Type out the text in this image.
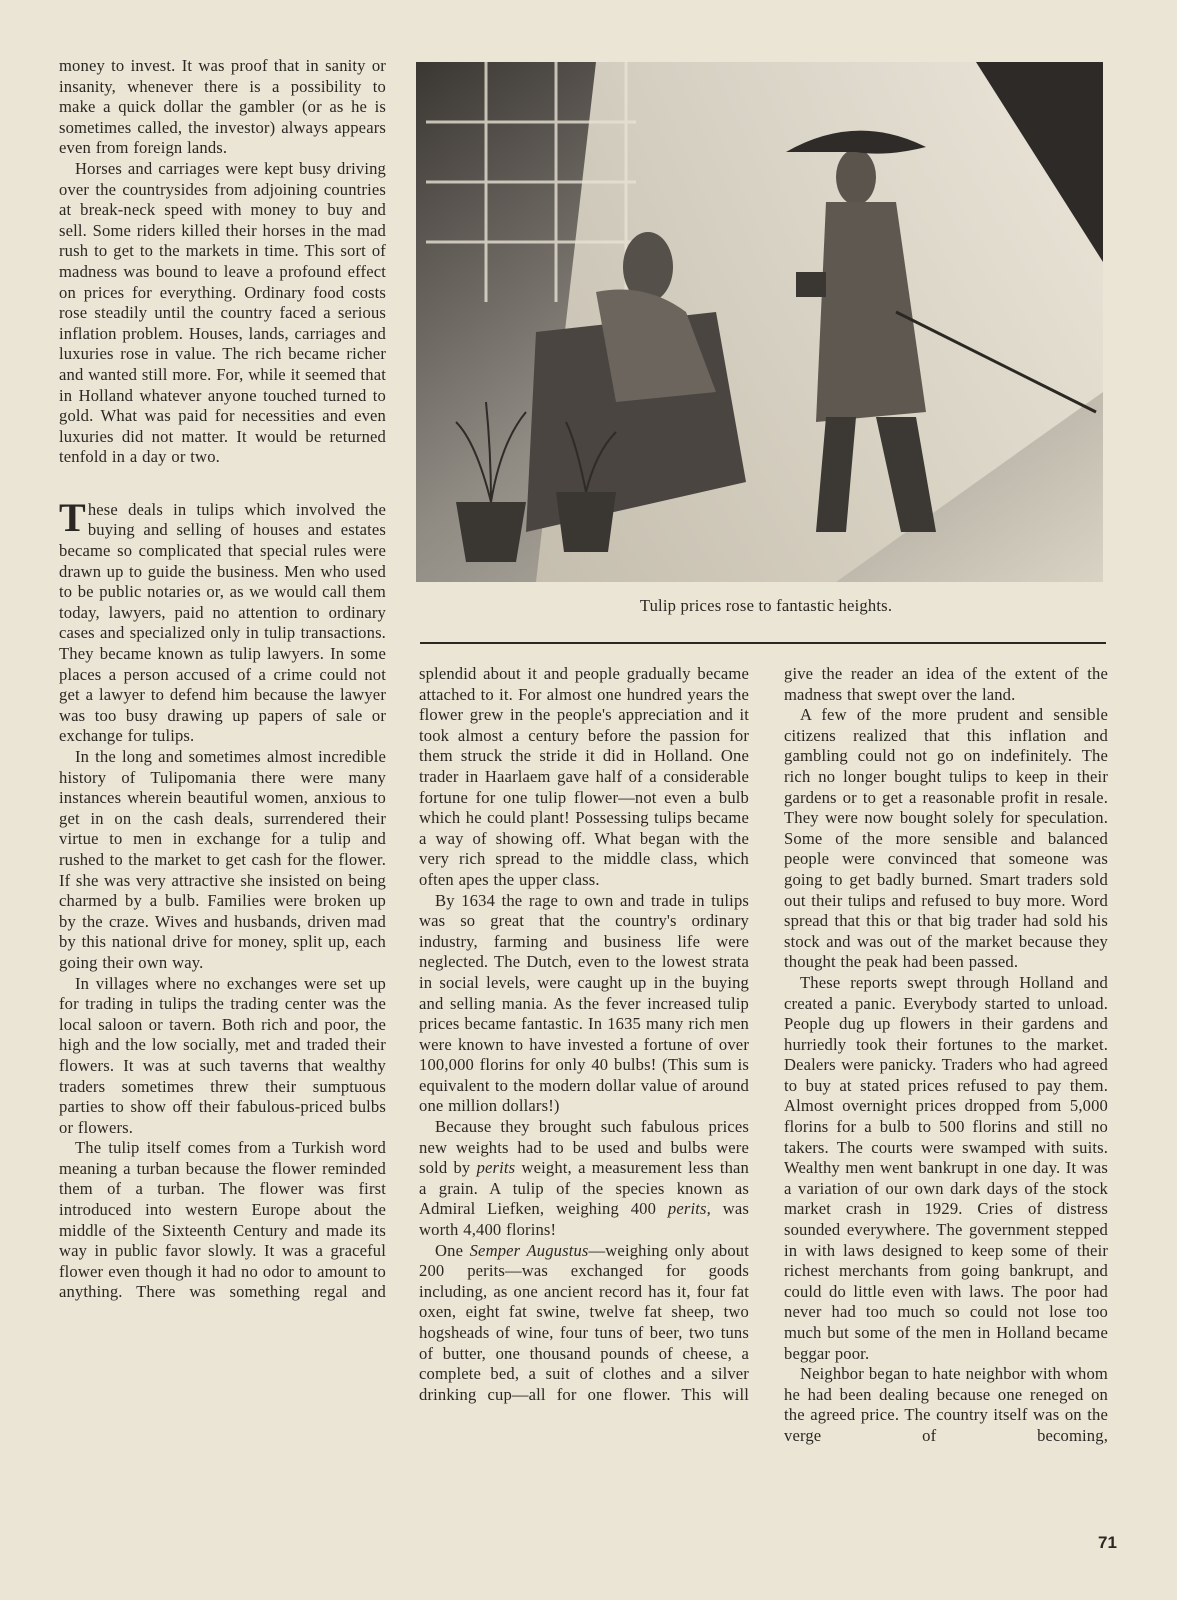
money to invest. It was proof that in sanity or insanity, whenever there is a possibility to make a quick dollar the gambler (or as he is sometimes called, the investor) always appears even from foreign lands.

Horses and carriages were kept busy driving over the countrysides from adjoining countries at break-neck speed with money to buy and sell. Some riders killed their horses in the mad rush to get to the markets in time. This sort of madness was bound to leave a profound effect on prices for everything. Ordinary food costs rose steadily until the country faced a serious inflation problem. Houses, lands, carriages and luxuries rose in value. The rich became richer and wanted still more. For, while it seemed that in Holland whatever anyone touched turned to gold. What was paid for necessities and even luxuries did not matter. It would be returned tenfold in a day or two.

These deals in tulips which involved the buying and selling of houses and estates became so complicated that special rules were drawn up to guide the business. Men who used to be public notaries or, as we would call them today, lawyers, paid no attention to ordinary cases and specialized only in tulip transactions. They became known as tulip lawyers. In some places a person accused of a crime could not get a lawyer to defend him because the lawyer was too busy drawing up papers of sale or exchange for tulips.

In the long and sometimes almost incredible history of Tulipomania there were many instances wherein beautiful women, anxious to get in on the cash deals, surrendered their virtue to men in exchange for a tulip and rushed to the market to get cash for the flower. If she was very attractive she insisted on being charmed by a bulb. Families were broken up by the craze. Wives and husbands, driven mad by this national drive for money, split up, each going their own way.

In villages where no exchanges were set up for trading in tulips the trading center was the local saloon or tavern. Both rich and poor, the high and the low socially, met and traded their flowers. It was at such taverns that wealthy traders sometimes threw their sumptuous parties to show off their fabulous-priced bulbs or flowers.

The tulip itself comes from a Turkish word meaning a turban because the flower reminded them of a turban. The flower was first introduced into western Europe about the middle of the Sixteenth Century and made its way in public favor slowly. It was a graceful flower even though it had no odor to amount to anything. There was something regal and

Tulip prices rose to fantastic heights.

splendid about it and people gradually became attached to it. For almost one hundred years the flower grew in the people's appreciation and it took almost a century before the passion for them struck the stride it did in Holland. One trader in Haarlaem gave half of a considerable fortune for one tulip flower—not even a bulb which he could plant! Possessing tulips became a way of showing off. What began with the very rich spread to the middle class, which often apes the upper class.

By 1634 the rage to own and trade in tulips was so great that the country's ordinary industry, farming and business life were neglected. The Dutch, even to the lowest strata in social levels, were caught up in the buying and selling mania. As the fever increased tulip prices became fantastic. In 1635 many rich men were known to have invested a fortune of over 100,000 florins for only 40 bulbs! (This sum is equivalent to the modern dollar value of around one million dollars!)

Because they brought such fabulous prices new weights had to be used and bulbs were sold by perits weight, a measurement less than a grain. A tulip of the species known as Admiral Liefken, weighing 400 perits, was worth 4,400 florins!

One Semper Augustus—weighing only about 200 perits—was exchanged for goods including, as one ancient record has it, four fat oxen, eight fat swine, twelve fat sheep, two hogsheads of wine, four tuns of beer, two tuns of butter, one thousand pounds of cheese, a complete bed, a suit of clothes and a silver drinking cup—all for one flower. This will

give the reader an idea of the extent of the madness that swept over the land.

A few of the more prudent and sensible citizens realized that this inflation and gambling could not go on indefinitely. The rich no longer bought tulips to keep in their gardens or to get a reasonable profit in resale. They were now bought solely for speculation. Some of the more sensible and balanced people were convinced that someone was going to get badly burned. Smart traders sold out their tulips and refused to buy more. Word spread that this or that big trader had sold his stock and was out of the market because they thought the peak had been passed.

These reports swept through Holland and created a panic. Everybody started to unload. People dug up flowers in their gardens and hurriedly took their fortunes to the market. Dealers were panicky. Traders who had agreed to buy at stated prices refused to pay them. Almost overnight prices dropped from 5,000 florins for a bulb to 500 florins and still no takers. The courts were swamped with suits. Wealthy men went bankrupt in one day. It was a variation of our own dark days of the stock market crash in 1929. Cries of distress sounded everywhere. The government stepped in with laws designed to keep some of their richest merchants from going bankrupt, and could do little even with laws. The poor had never had too much so could not lose too much but some of the men in Holland became beggar poor.

Neighbor began to hate neighbor with whom he had been dealing because one reneged on the agreed price. The country itself was on the verge of becoming,

71
